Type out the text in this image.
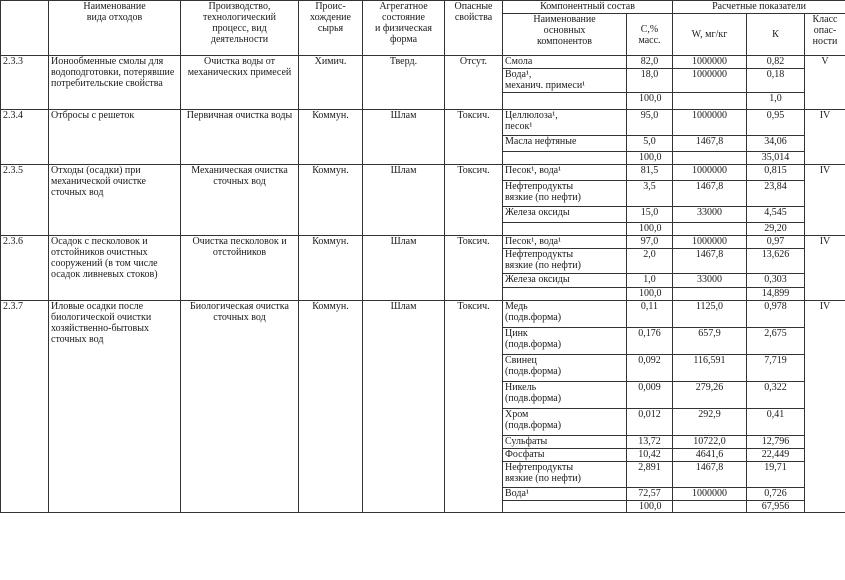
	Наименование
вида отходов	Производство,
технологический
процесс, вид
деятельности	Проис-
хождение
сырья	Агрегатное
состояние
и физическая
форма	Опасные
свойства	Компонентный состав		Расчетные показатели		
						Наименование
основных
компонентов	С,%
масс.	W, мг/кг	К	Класс
опас-
ности
2.3.3	Ионообменные смолы для водоподготовки, потерявшие потребительские свойства	Очистка воды от механических примесей	Химич.	Тверд.	Отсут.	Смола	82,0	1000000	0,82	V
						Вода¹,
механич. примеси¹	18,0	1000000	0,18	
							100,0		1,0	
2.3.4	Отбросы с решеток	Первичная очистка воды	Коммун.	Шлам	Токсич.	Целлюлоза¹,
песок¹	95,0	1000000	0,95	IV
						Масла нефтяные	5,0	1467,8	34,06	
							100,0		35,014	
2.3.5	Отходы (осадки) при механической очистке сточных вод	Механическая очистка сточных вод	Коммун.	Шлам	Токсич.	Песок¹, вода¹	81,5	1000000	0,815	IV
						Нефтепродукты
вязкие (по нефти)	3,5	1467,8	23,84	
						Железа оксиды	15,0	33000	4,545	
							100,0		29,20	
2.3.6	Осадок с песколовок и отстойников очистных сооружений (в том числе осадок ливневых стоков)	Очистка песколовок и отстойников	Коммун.	Шлам	Токсич.	Песок¹, вода¹	97,0	1000000	0,97	IV
						Нефтепродукты
вязкие (по нефти)	2,0	1467,8	13,626	
						Железа оксиды	1,0	33000	0,303	
							100,0		14,899	
2.3.7	Иловые осадки после биологической очистки хозяйственно-бытовых сточных вод	Биологическая очистка сточных вод	Коммун.	Шлам	Токсич.	Медь
(подв.форма)	0,11	1125,0	0,978	IV
						Цинк
(подв.форма)	0,176	657,9	2,675	
						Свинец
(подв.форма)	0,092	116,591	7,719	
						Никель
(подв.форма)	0,009	279,26	0,322	
						Хром
(подв.форма)	0,012	292,9	0,41	
						Сульфаты	13,72	10722,0	12,796	
						Фосфаты	10,42	4641,6	22,449	
						Нефтепродукты
вязкие (по нефти)	2,891	1467,8	19,71	
						Вода¹	72,57	1000000	0,726	
							100,0		67,956	
